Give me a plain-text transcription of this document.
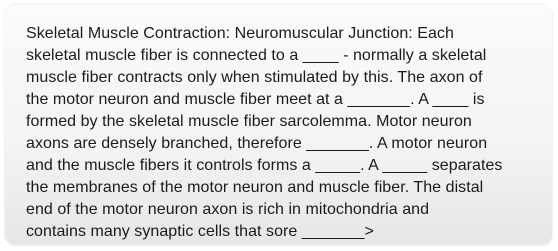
Skeletal Muscle Contraction: Neuromuscular Junction: Each
skeletal muscle fiber is connected to a ____ - normally a skeletal
muscle fiber contracts only when stimulated by this. The axon of
the motor neuron and muscle fiber meet at a _______. A ____ is
formed by the skeletal muscle fiber sarcolemma. Motor neuron
axons are densely branched, therefore _______. A motor neuron
and the muscle fibers it controls forms a _____. A _____ separates
the membranes of the motor neuron and muscle fiber. The distal
end of the motor neuron axon is rich in mitochondria and
contains many synaptic cells that sore _______>
